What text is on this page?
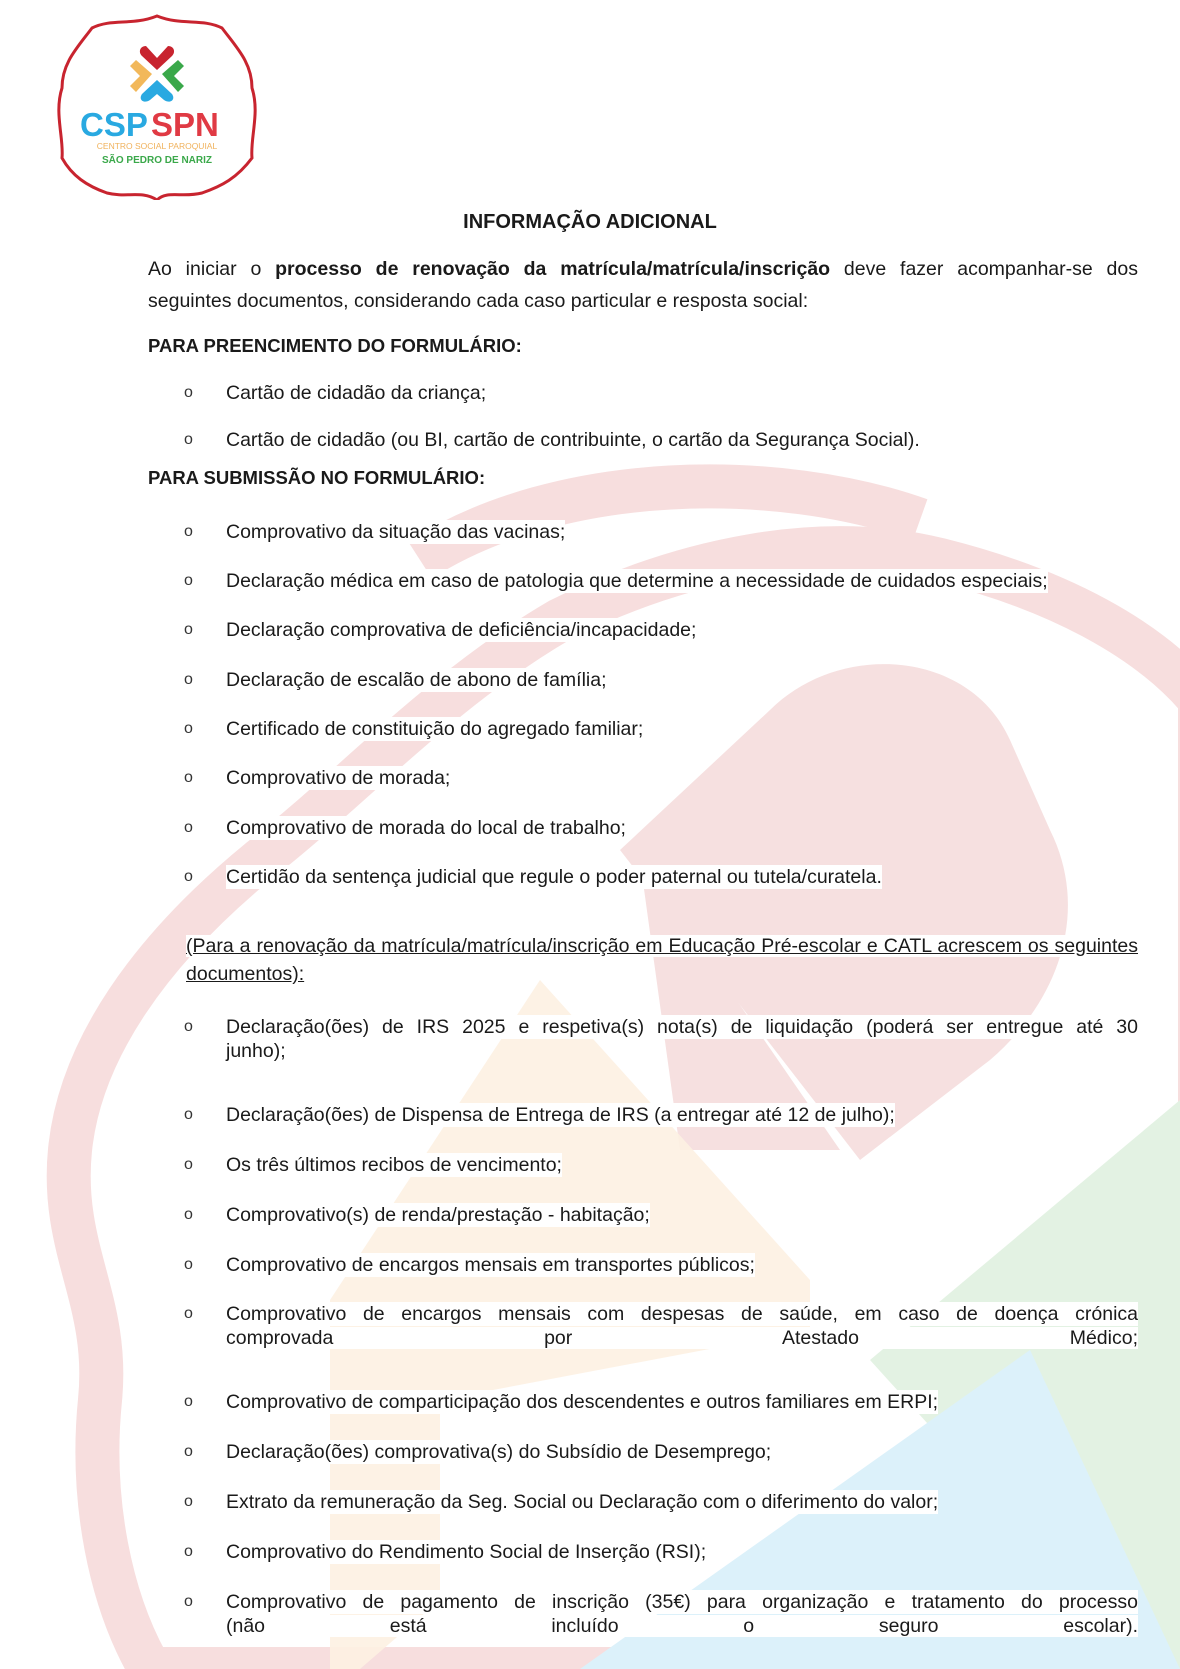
CSP SPN
CENTRO SOCIAL PAROQUIAL
SÃO PEDRO DE NARIZ
INFORMAÇÃO ADICIONAL
Ao iniciar o processo de renovação da matrícula/matrícula/inscrição deve fazer acompanhar-se dos
seguintes documentos, considerando cada caso particular e resposta social:
PARA PREENCIMENTO DO FORMULÁRIO:
o Cartão de cidadão da criança;
o Cartão de cidadão (ou BI, cartão de contribuinte, o cartão da Segurança Social).
PARA SUBMISSÃO NO FORMULÁRIO:
o Comprovativo da situação das vacinas;
o Declaração médica em caso de patologia que determine a necessidade de cuidados especiais;
o Declaração comprovativa de deficiência/incapacidade;
o Declaração de escalão de abono de família;
o Certificado de constituição do agregado familiar;
o Comprovativo de morada;
o Comprovativo de morada do local de trabalho;
o Certidão da sentença judicial que regule o poder paternal ou tutela/curatela.
(Para a renovação da matrícula/matrícula/inscrição em Educação Pré-escolar e CATL acrescem os seguintes documentos):
o Declaração(ões) de IRS 2025 e respetiva(s) nota(s) de liquidação (poderá ser entregue até 30
junho);
o Declaração(ões) de Dispensa de Entrega de IRS (a entregar até 12 de julho);
o Os três últimos recibos de vencimento;
o Comprovativo(s) de renda/prestação - habitação;
o Comprovativo de encargos mensais em transportes públicos;
o Comprovativo de encargos mensais com despesas de saúde, em caso de doença crónica
comprovada por Atestado Médico;
o Comprovativo de comparticipação dos descendentes e outros familiares em ERPI;
o Declaração(ões) comprovativa(s) do Subsídio de Desemprego;
o Extrato da remuneração da Seg. Social ou Declaração com o diferimento do valor;
o Comprovativo do Rendimento Social de Inserção (RSI);
o Comprovativo de pagamento de inscrição (35€) para organização e tratamento do processo
(não está incluído o seguro escolar).
